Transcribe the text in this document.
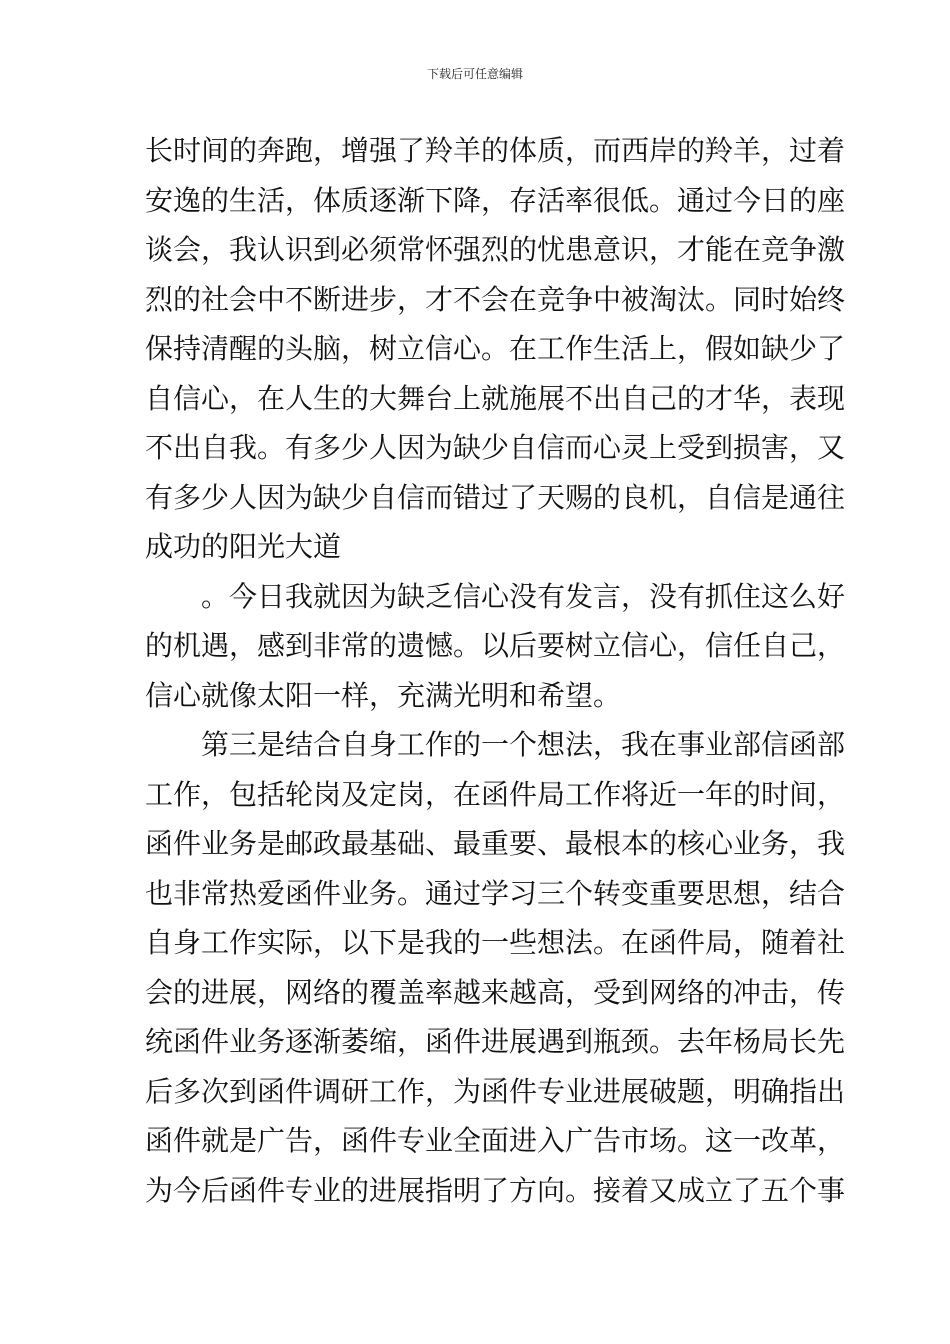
下载后可任意编辑
长时间的奔跑，增强了羚羊的体质，而西岸的羚羊，过着
安逸的生活，体质逐渐下降，存活率很低。通过今日的座
谈会，我认识到必须常怀强烈的忧患意识，才能在竞争激
烈的社会中不断进步，才不会在竞争中被淘汰。同时始终
保持清醒的头脑，树立信心。在工作生活上，假如缺少了
自信心，在人生的大舞台上就施展不出自己的才华，表现
不出自我。有多少人因为缺少自信而心灵上受到损害，又
有多少人因为缺少自信而错过了天赐的良机，自信是通往
成功的阳光大道
。今日我就因为缺乏信心没有发言，没有抓住这么好
的机遇，感到非常的遗憾。以后要树立信心，信任自己，
信心就像太阳一样，充满光明和希望。
第三是结合自身工作的一个想法，我在事业部信函部
工作，包括轮岗及定岗，在函件局工作将近一年的时间，
函件业务是邮政最基础、最重要、最根本的核心业务，我
也非常热爱函件业务。通过学习三个转变重要思想，结合
自身工作实际，以下是我的一些想法。在函件局，随着社
会的进展，网络的覆盖率越来越高，受到网络的冲击，传
统函件业务逐渐萎缩，函件进展遇到瓶颈。去年杨局长先
后多次到函件调研工作，为函件专业进展破题，明确指出
函件就是广告，函件专业全面进入广告市场。这一改革，
为今后函件专业的进展指明了方向。接着又成立了五个事
